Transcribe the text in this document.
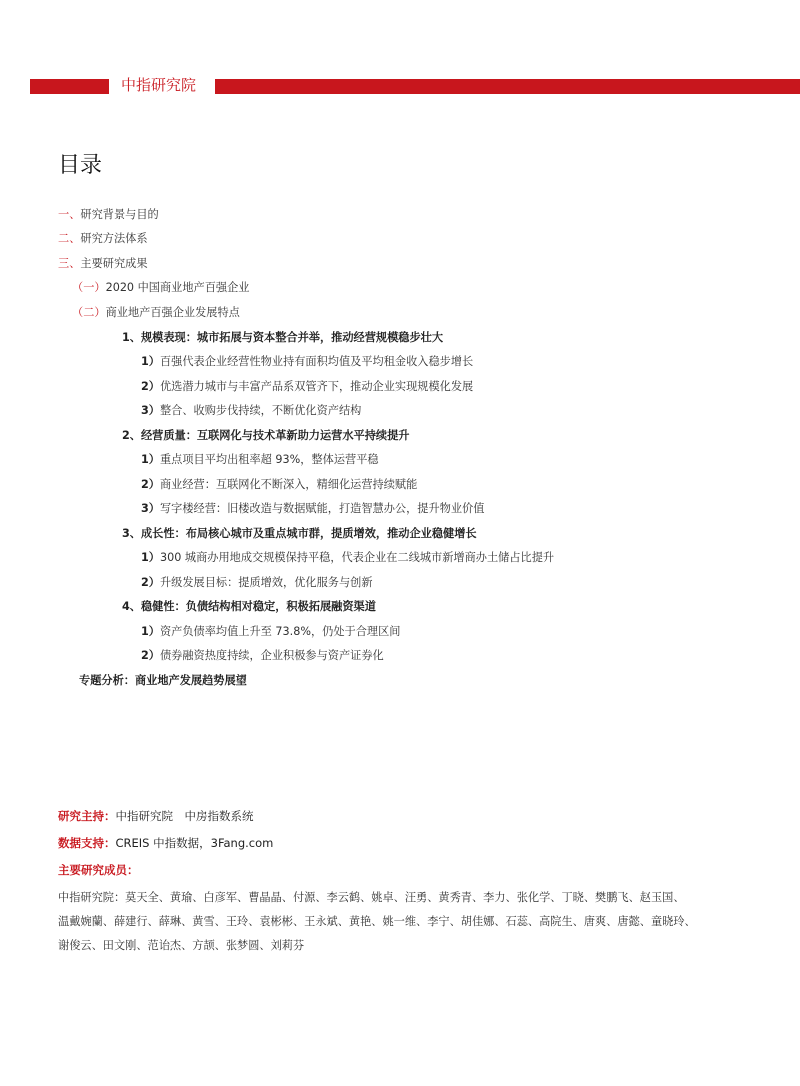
中指研究院
目录
一、研究背景与目的
二、研究方法体系
三、主要研究成果
（一）2020 中国商业地产百强企业
（二）商业地产百强企业发展特点
1、规模表现：城市拓展与资本整合并举，推动经营规模稳步壮大
1）百强代表企业经营性物业持有面积均值及平均租金收入稳步增长
2）优选潜力城市与丰富产品系双管齐下，推动企业实现规模化发展
3）整合、收购步伐持续，不断优化资产结构
2、经营质量：互联网化与技术革新助力运营水平持续提升
1）重点项目平均出租率超 93%，整体运营平稳
2）商业经营：互联网化不断深入，精细化运营持续赋能
3）写字楼经营：旧楼改造与数据赋能，打造智慧办公，提升物业价值
3、成长性：布局核心城市及重点城市群，提质增效，推动企业稳健增长
1）300 城商办用地成交规模保持平稳，代表企业在二线城市新增商办土储占比提升
2）升级发展目标：提质增效，优化服务与创新
4、稳健性：负债结构相对稳定，积极拓展融资渠道
1）资产负债率均值上升至 73.8%，仍处于合理区间
2）债券融资热度持续，企业积极参与资产证券化
专题分析：商业地产发展趋势展望
研究主持：中指研究院　中房指数系统
数据支持：CREIS 中指数据，3Fang.com
主要研究成员：
中指研究院：莫天全、黄瑜、白彦军、曹晶晶、付源、李云鹤、姚卓、汪勇、黄秀青、李力、张化学、丁晓、樊鹏飞、赵玉国、
温戴婉蘭、薛建行、薛琳、黄雪、王玲、袁彬彬、王永斌、黄艳、姚一维、李宁、胡佳娜、石蕊、高院生、唐爽、唐懿、童晓玲、
谢俊云、田文刚、范诒杰、方颉、张梦圆、刘莉芬
